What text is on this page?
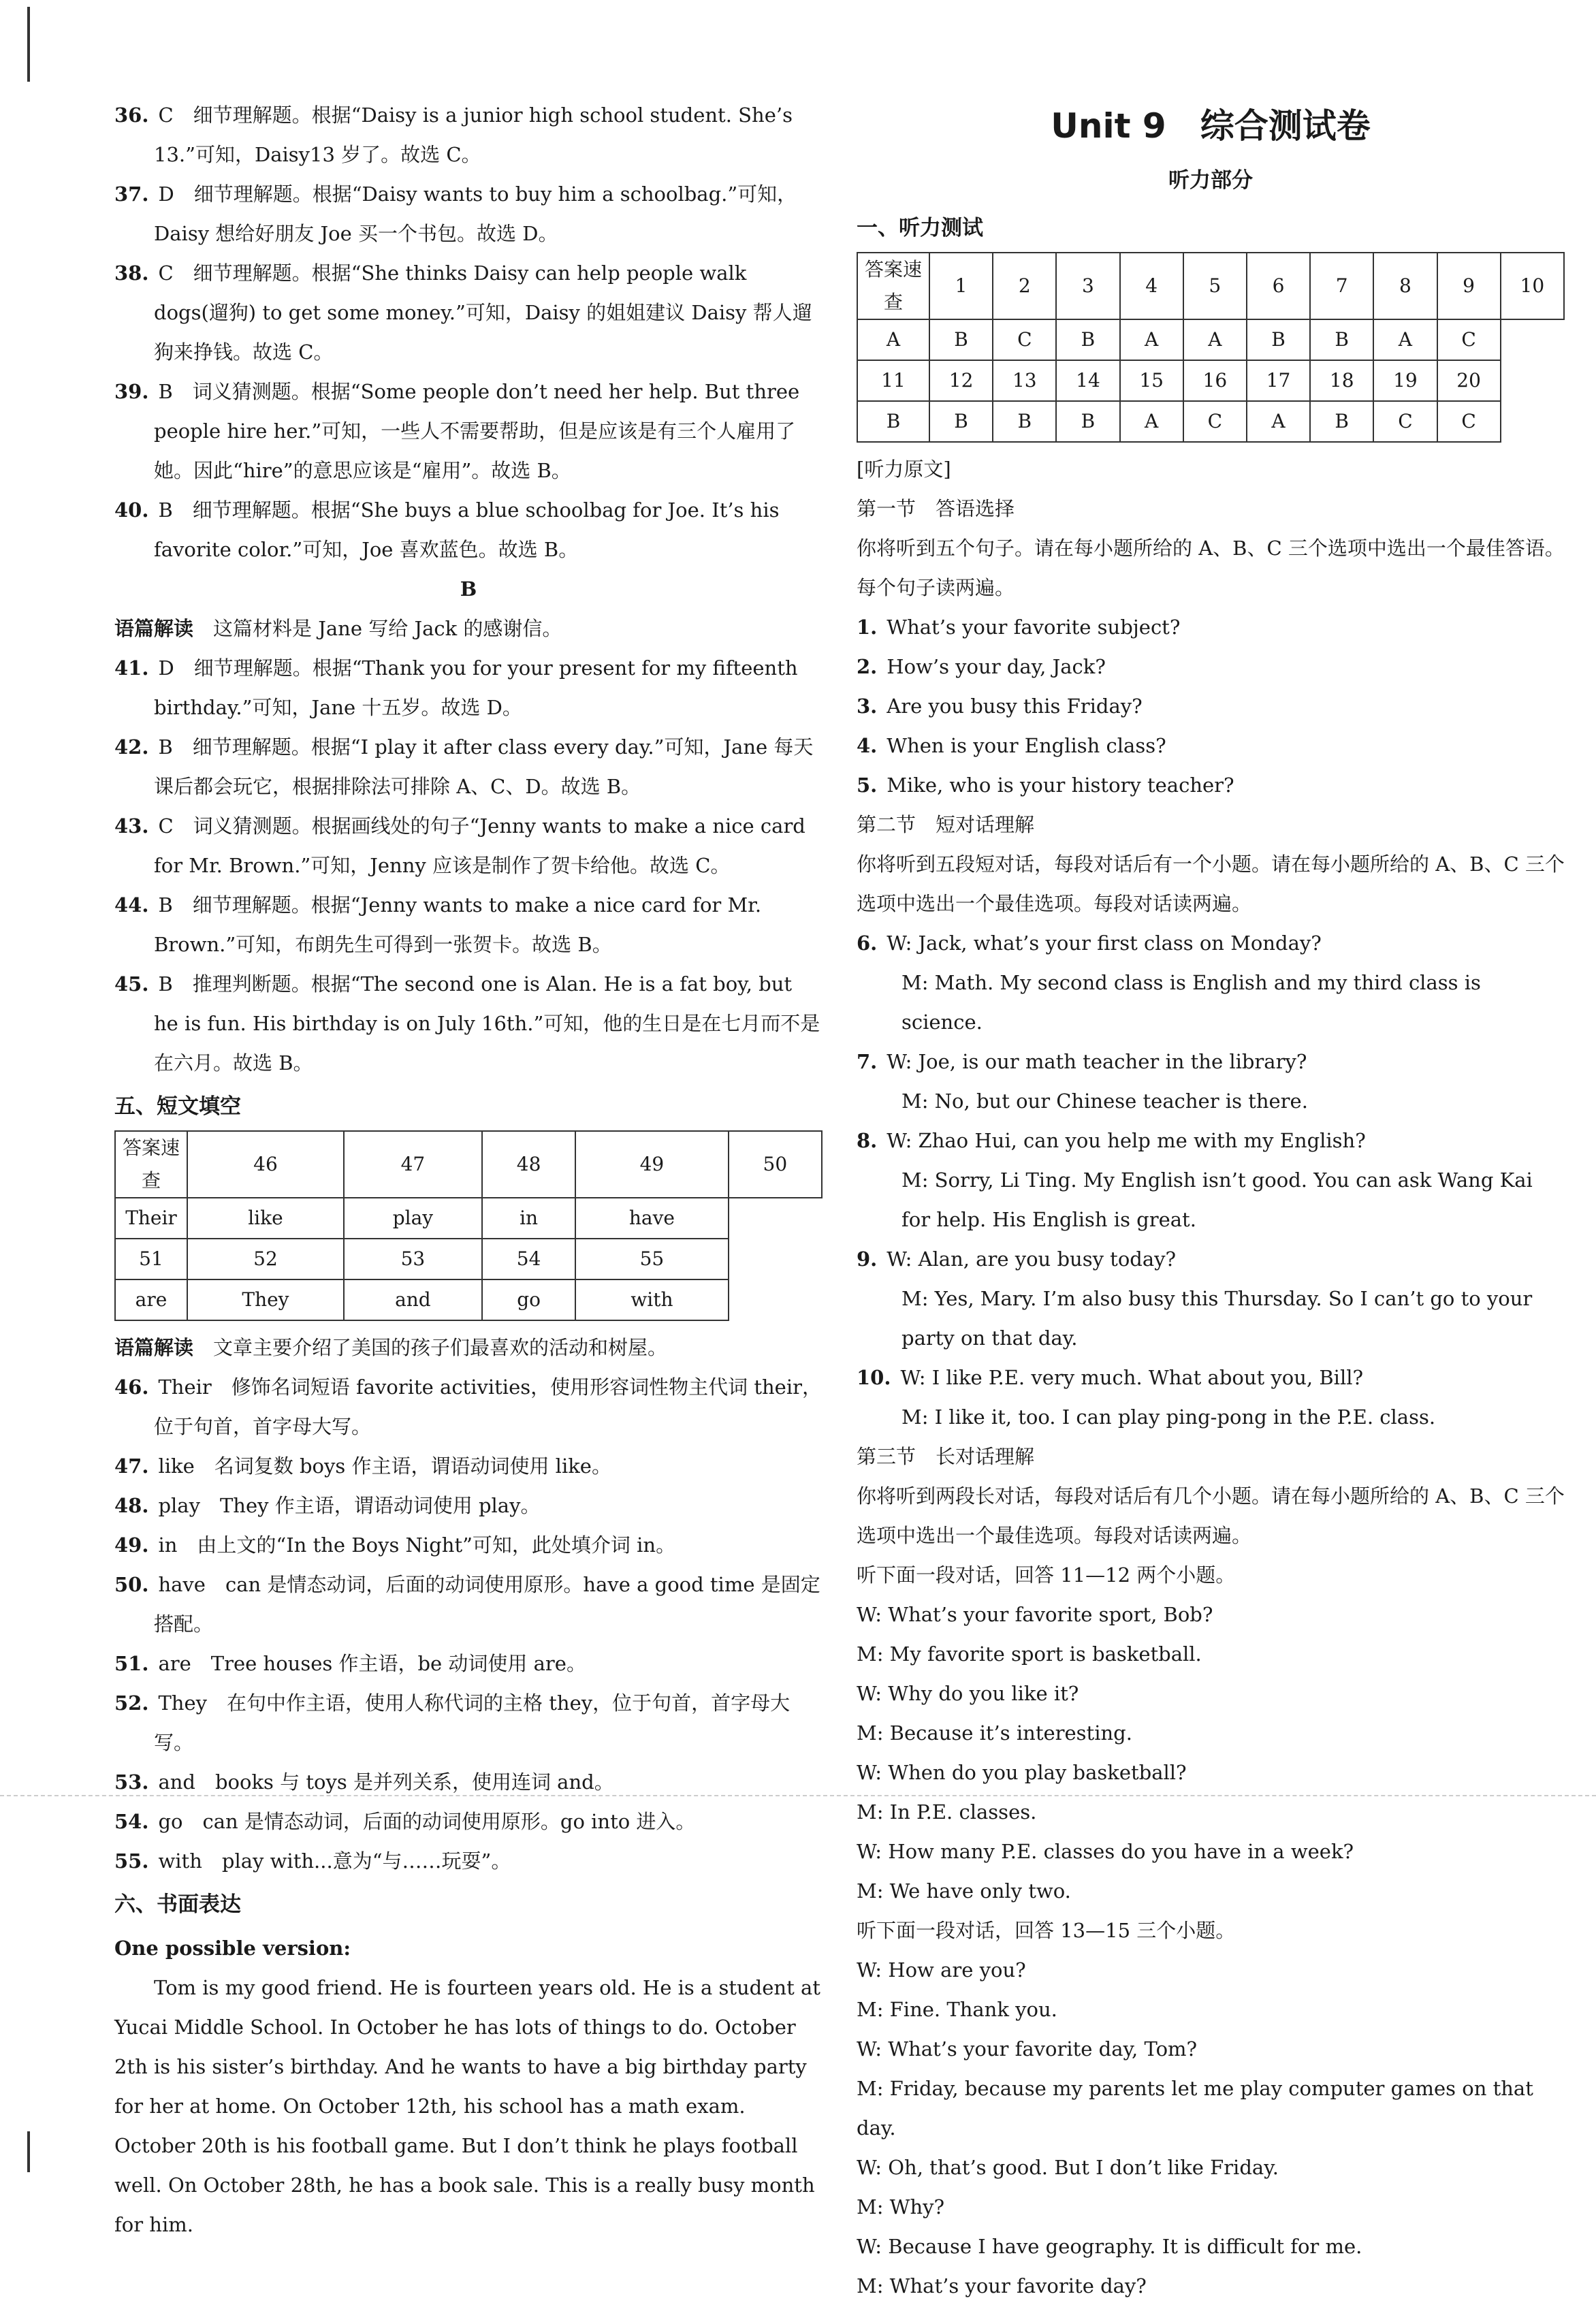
36. C　细节理解题。根据“Daisy is a junior high school student. She’s 13.”可知，Daisy13 岁了。故选 C。

37. D　细节理解题。根据“Daisy wants to buy him a schoolbag.”可知，Daisy 想给好朋友 Joe 买一个书包。故选 D。

38. C　细节理解题。根据“She thinks Daisy can help people walk dogs(遛狗) to get some money.”可知，Daisy 的姐姐建议 Daisy 帮人遛狗来挣钱。故选 C。

39. B　词义猜测题。根据“Some people don’t need her help. But three people hire her.”可知，一些人不需要帮助，但是应该是有三个人雇用了她。因此“hire”的意思应该是“雇用”。故选 B。

40. B　细节理解题。根据“She buys a blue schoolbag for Joe. It’s his favorite color.”可知，Joe 喜欢蓝色。故选 B。

B

语篇解读　 这篇材料是 Jane 写给 Jack 的感谢信。

41. D　细节理解题。根据“Thank you for your present for my fifteenth birthday.”可知，Jane 十五岁。故选 D。

42. B　细节理解题。根据“I play it after class every day.”可知，Jane 每天课后都会玩它，根据排除法可排除 A、C、D。故选 B。

43. C　词义猜测题。根据画线处的句子“Jenny wants to make a nice card for Mr. Brown.”可知，Jenny 应该是制作了贺卡给他。故选 C。

44. B　细节理解题。根据“Jenny wants to make a nice card for Mr. Brown.”可知，布朗先生可得到一张贺卡。故选 B。

45. B　推理判断题。根据“The second one is Alan. He is a fat boy, but he is fun. His birthday is on July 16th.”可知，他的生日是在七月而不是在六月。故选 B。

五、短文填空
答案速查	46	47	48	49	50
Their	like	play	in	have	
51	52	53	54	55	
are	They	and	go	with	

语篇解读　 文章主要介绍了美国的孩子们最喜欢的活动和树屋。

46. Their　修饰名词短语 favorite activities，使用形容词性物主代词 their，位于句首，首字母大写。

47. like　名词复数 boys 作主语，谓语动词使用 like。

48. play　They 作主语，谓语动词使用 play。

49. in　由上文的“In the Boys Night”可知，此处填介词 in。

50. have　can 是情态动词，后面的动词使用原形。have a good time 是固定搭配。

51. are　Tree houses 作主语，be 动词使用 are。

52. They　在句中作主语，使用人称代词的主格 they，位于句首，首字母大写。

53. and　books 与 toys 是并列关系，使用连词 and。

54. go　can 是情态动词，后面的动词使用原形。go into 进入。

55. with　play with...意为“与……玩耍”。

六、书面表达
One possible version:

Tom is my good friend. He is fourteen years old. He is a student at Yucai Middle School. In October he has lots of things to do. October 2th is his sister’s birthday. And he wants to have a big birthday party for her at home. On October 12th, his school has a math exam. October 20th is his football game. But I don’t think he plays football well. On October 28th, he has a book sale. This is a really busy month for him.

Unit 9　综合测试卷
听力部分
一、听力测试
答案速查	1	2	3	4	5	6	7	8	9	10
A	B	C	B	A	A	B	B	A	C	
11	12	13	14	15	16	17	18	19	20	
B	B	B	B	A	C	A	B	C	C	

[听力原文]

第一节　答语选择

你将听到五个句子。请在每小题所给的 A、B、C 三个选项中选出一个最佳答语。每个句子读两遍。

1. What’s your favorite subject?

2. How’s your day, Jack?

3. Are you busy this Friday?

4. When is your English class?

5. Mike, who is your history teacher?

第二节　短对话理解

你将听到五段短对话，每段对话后有一个小题。请在每小题所给的 A、B、C 三个选项中选出一个最佳选项。每段对话读两遍。

6. W: Jack, what’s your first class on Monday?

M: Math. My second class is English and my third class is science.

7. W: Joe, is our math teacher in the library?

M: No, but our Chinese teacher is there.

8. W: Zhao Hui, can you help me with my English?

M: Sorry, Li Ting. My English isn’t good. You can ask Wang Kai for help. His English is great.

9. W: Alan, are you busy today?

M: Yes, Mary. I’m also busy this Thursday. So I can’t go to your party on that day.

10. W: I like P.E. very much. What about you, Bill?

M: I like it, too. I can play ping-pong in the P.E. class.

第三节　长对话理解

你将听到两段长对话，每段对话后有几个小题。请在每小题所给的 A、B、C 三个选项中选出一个最佳选项。每段对话读两遍。

听下面一段对话，回答 11—12 两个小题。

W: What’s your favorite sport, Bob?

M: My favorite sport is basketball.

W: Why do you like it?

M: Because it’s interesting.

W: When do you play basketball?

M: In P.E. classes.

W: How many P.E. classes do you have in a week?

M: We have only two.

听下面一段对话，回答 13—15 三个小题。

W: How are you?

M: Fine. Thank you.

W: What’s your favorite day, Tom?

M: Friday, because my parents let me play computer games on that day.

W: Oh, that’s good. But I don’t like Friday.

M: Why?

W: Because I have geography. It is difficult for me.

M: What’s your favorite day?
